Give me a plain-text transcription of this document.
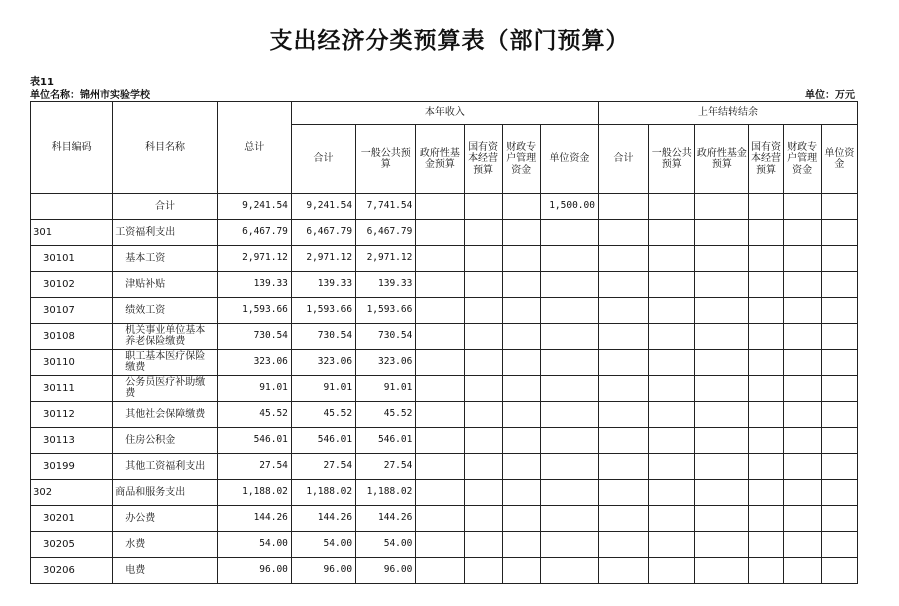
支出经济分类预算表（部门预算）
表11
单位名称：锦州市实验学校	单位：万元
科目编码	科目名称	总计	本年收入						上年结转结余					
			合计	一般公共预算	政府性基金预算	国有资本经营预算	财政专户管理资金	单位资金	合计	一般公共预算	政府性基金预算	国有资本经营预算	财政专户管理资金	单位资金
	合计	9,241.54	9,241.54	7,741.54				1,500.00						
301	工资福利支出	6,467.79	6,467.79	6,467.79										
30101	基本工资	2,971.12	2,971.12	2,971.12										
30102	津贴补贴	139.33	139.33	139.33										
30107	绩效工资	1,593.66	1,593.66	1,593.66										
30108	机关事业单位基本养老保险缴费	730.54	730.54	730.54										
30110	职工基本医疗保险缴费	323.06	323.06	323.06										
30111	公务员医疗补助缴费	91.01	91.01	91.01										
30112	其他社会保障缴费	45.52	45.52	45.52										
30113	住房公积金	546.01	546.01	546.01										
30199	其他工资福利支出	27.54	27.54	27.54										
302	商品和服务支出	1,188.02	1,188.02	1,188.02										
30201	办公费	144.26	144.26	144.26										
30205	水费	54.00	54.00	54.00										
30206	电费	96.00	96.00	96.00										
